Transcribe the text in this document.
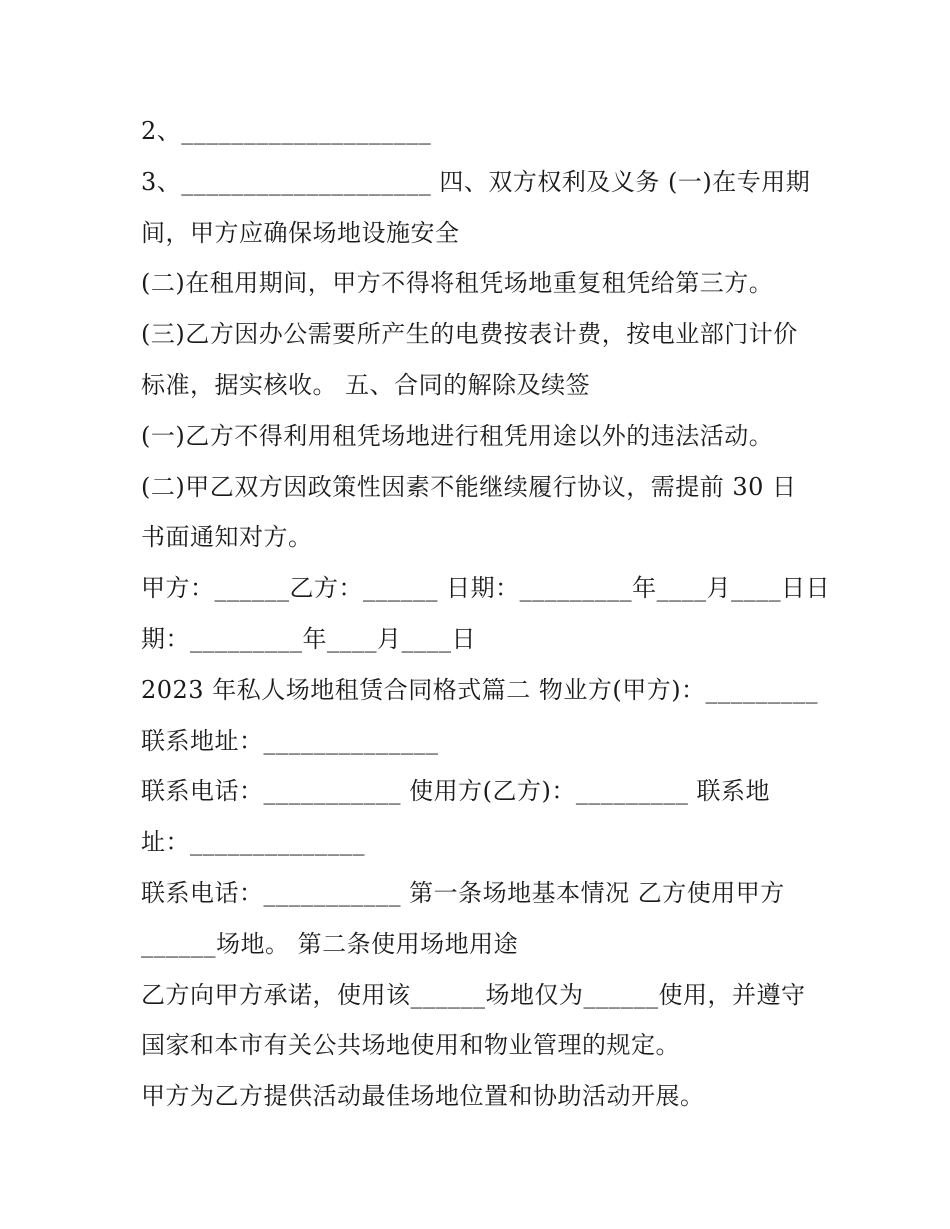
2、____________________
3、____________________ 四、双方权利及义务 (一)在专用期
间，甲方应确保场地设施安全
(二)在租用期间，甲方不得将租凭场地重复租凭给第三方。
(三)乙方因办公需要所产生的电费按表计费，按电业部门计价
标准，据实核收。 五、合同的解除及续签
(一)乙方不得利用租凭场地进行租凭用途以外的违法活动。
(二)甲乙双方因政策性因素不能继续履行协议，需提前 30 日
书面通知对方。
甲方：______乙方：______ 日期：_________年____月____日日
期：_________年____月____日
2023 年私人场地租赁合同格式篇二 物业方(甲方)：_________
联系地址：______________
联系电话：___________ 使用方(乙方)：_________ 联系地
址：______________
联系电话：___________ 第一条场地基本情况 乙方使用甲方
______场地。 第二条使用场地用途
乙方向甲方承诺，使用该______场地仅为______使用，并遵守
国家和本市有关公共场地使用和物业管理的规定。
甲方为乙方提供活动最佳场地位置和协助活动开展。
